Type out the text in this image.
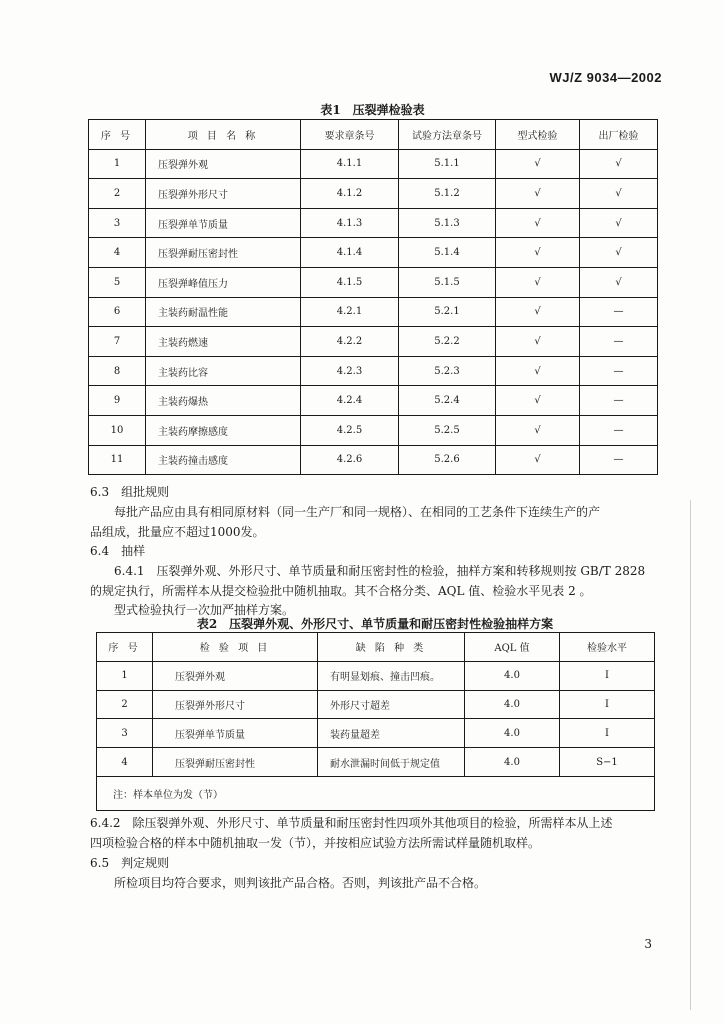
WJ/Z 9034—2002
表1　压裂弹检验表
序 号	项 目 名 称	要求章条号	试验方法章条号	型式检验	出厂检验
1	压裂弹外观	4.1.1	5.1.1	√	√
2	压裂弹外形尺寸	4.1.2	5.1.2	√	√
3	压裂弹单节质量	4.1.3	5.1.3	√	√
4	压裂弹耐压密封性	4.1.4	5.1.4	√	√
5	压裂弹峰值压力	4.1.5	5.1.5	√	√
6	主装药耐温性能	4.2.1	5.2.1	√	—
7	主装药燃速	4.2.2	5.2.2	√	—
8	主装药比容	4.2.3	5.2.3	√	—
9	主装药爆热	4.2.4	5.2.4	√	—
10	主装药摩擦感度	4.2.5	5.2.5	√	—
11	主装药撞击感度	4.2.6	5.2.6	√	—
6.3　组批规则
每批产品应由具有相同原材料（同一生产厂和同一规格）、在相同的工艺条件下连续生产的产
品组成，批量应不超过1000发。
6.4　抽样
6.4.1　压裂弹外观、外形尺寸、单节质量和耐压密封性的检验，抽样方案和转移规则按 GB/T 2828
的规定执行，所需样本从提交检验批中随机抽取。其不合格分类、AQL 值、检验水平见表 2 。
型式检验执行一次加严抽样方案。
表2　压裂弹外观、外形尺寸、单节质量和耐压密封性检验抽样方案
序 号	检 验 项 目	缺 陷 种 类	AQL 值	检验水平
1	压裂弹外观	有明显划痕、撞击凹痕。	4.0	I
2	压裂弹外形尺寸	外形尺寸超差	4.0	I
3	压裂弹单节质量	装药量超差	4.0	I
4	压裂弹耐压密封性	耐水泄漏时间低于规定值	4.0	S−1
注：样本单位为发（节）				
6.4.2　除压裂弹外观、外形尺寸、单节质量和耐压密封性四项外其他项目的检验，所需样本从上述
四项检验合格的样本中随机抽取一发（节），并按相应试验方法所需试样量随机取样。
6.5　判定规则
所检项目均符合要求，则判该批产品合格。否则，判该批产品不合格。
3
